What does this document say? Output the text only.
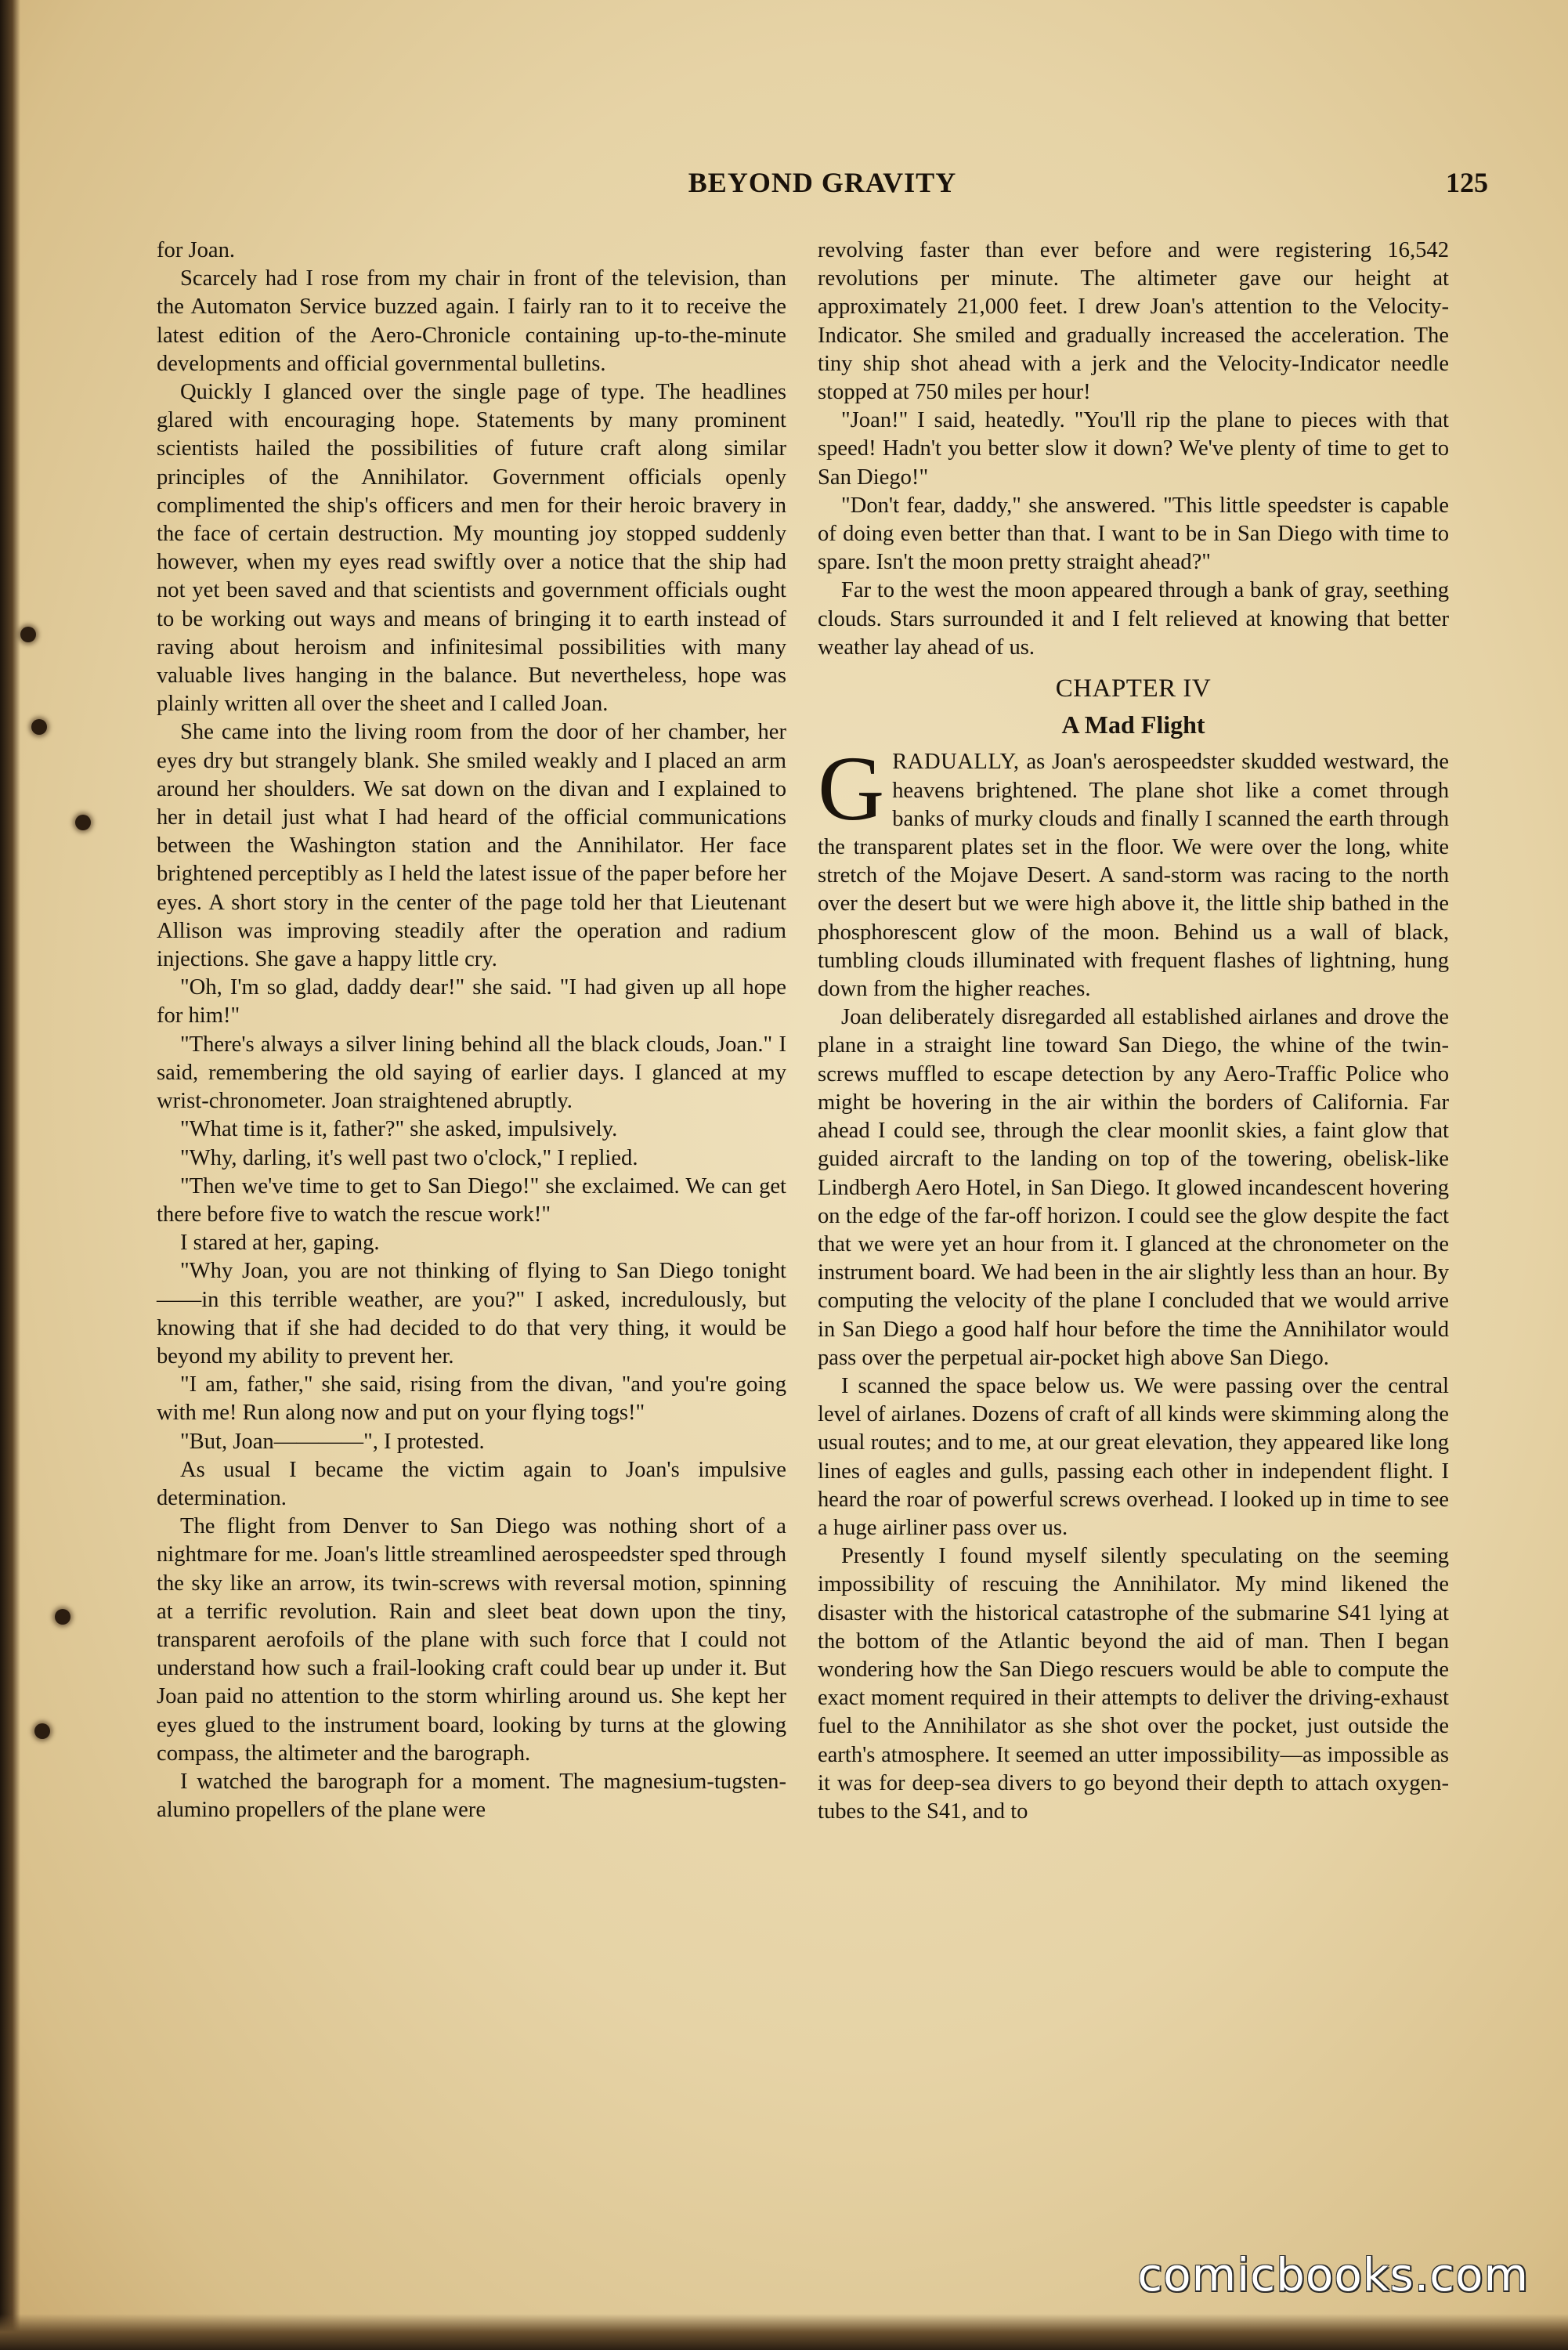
BEYOND GRAVITY	125

for Joan.

Scarcely had I rose from my chair in front of the television, than the Automaton Service buzzed again. I fairly ran to it to receive the latest edition of the Aero-Chronicle containing up-to-the-minute developments and official governmental bulletins.

Quickly I glanced over the single page of type. The headlines glared with encouraging hope. Statements by many prominent scientists hailed the possibilities of future craft along similar principles of the Annihilator. Government officials openly complimented the ship's officers and men for their heroic bravery in the face of certain destruction. My mounting joy stopped suddenly however, when my eyes read swiftly over a notice that the ship had not yet been saved and that scientists and government officials ought to be working out ways and means of bringing it to earth instead of raving about heroism and infinitesimal possibilities with many valuable lives hanging in the balance. But nevertheless, hope was plainly written all over the sheet and I called Joan.

She came into the living room from the door of her chamber, her eyes dry but strangely blank. She smiled weakly and I placed an arm around her shoulders. We sat down on the divan and I explained to her in detail just what I had heard of the official communications between the Washington station and the Annihilator. Her face brightened perceptibly as I held the latest issue of the paper before her eyes. A short story in the center of the page told her that Lieutenant Allison was improving steadily after the operation and radium injections. She gave a happy little cry.

"Oh, I'm so glad, daddy dear!" she said. "I had given up all hope for him!"

"There's always a silver lining behind all the black clouds, Joan." I said, remembering the old saying of earlier days. I glanced at my wrist-chronometer. Joan straightened abruptly.

"What time is it, father?" she asked, impulsively.

"Why, darling, it's well past two o'clock," I replied.

"Then we've time to get to San Diego!" she exclaimed. We can get there before five to watch the rescue work!"

I stared at her, gaping.

"Why Joan, you are not thinking of flying to San Diego tonight——in this terrible weather, are you?" I asked, incredulously, but knowing that if she had decided to do that very thing, it would be beyond my ability to prevent her.

"I am, father," she said, rising from the divan, "and you're going with me! Run along now and put on your flying togs!"

"But, Joan————", I protested.

As usual I became the victim again to Joan's impulsive determination.

The flight from Denver to San Diego was nothing short of a nightmare for me. Joan's little streamlined aerospeedster sped through the sky like an arrow, its twin-screws with reversal motion, spinning at a terrific revolution. Rain and sleet beat down upon the tiny, transparent aerofoils of the plane with such force that I could not understand how such a frail-looking craft could bear up under it. But Joan paid no attention to the storm whirling around us. She kept her eyes glued to the instrument board, looking by turns at the glowing compass, the altimeter and the barograph.

I watched the barograph for a moment. The magnesium-tugsten-alumino propellers of the plane were

revolving faster than ever before and were registering 16,542 revolutions per minute. The altimeter gave our height at approximately 21,000 feet. I drew Joan's attention to the Velocity-Indicator. She smiled and gradually increased the acceleration. The tiny ship shot ahead with a jerk and the Velocity-Indicator needle stopped at 750 miles per hour!

"Joan!" I said, heatedly. "You'll rip the plane to pieces with that speed! Hadn't you better slow it down? We've plenty of time to get to San Diego!"

"Don't fear, daddy," she answered. "This little speedster is capable of doing even better than that. I want to be in San Diego with time to spare. Isn't the moon pretty straight ahead?"

Far to the west the moon appeared through a bank of gray, seething clouds. Stars surrounded it and I felt relieved at knowing that better weather lay ahead of us.

CHAPTER IV
A Mad Flight

GRADUALLY, as Joan's aerospeedster skudded westward, the heavens brightened. The plane shot like a comet through banks of murky clouds and finally I scanned the earth through the transparent plates set in the floor. We were over the long, white stretch of the Mojave Desert. A sand-storm was racing to the north over the desert but we were high above it, the little ship bathed in the phosphorescent glow of the moon. Behind us a wall of black, tumbling clouds illuminated with frequent flashes of lightning, hung down from the higher reaches.

Joan deliberately disregarded all established airlanes and drove the plane in a straight line toward San Diego, the whine of the twin-screws muffled to escape detection by any Aero-Traffic Police who might be hovering in the air within the borders of California. Far ahead I could see, through the clear moonlit skies, a faint glow that guided aircraft to the landing on top of the towering, obelisk-like Lindbergh Aero Hotel, in San Diego. It glowed incandescent hovering on the edge of the far-off horizon. I could see the glow despite the fact that we were yet an hour from it. I glanced at the chronometer on the instrument board. We had been in the air slightly less than an hour. By computing the velocity of the plane I concluded that we would arrive in San Diego a good half hour before the time the Annihilator would pass over the perpetual air-pocket high above San Diego.

I scanned the space below us. We were passing over the central level of airlanes. Dozens of craft of all kinds were skimming along the usual routes; and to me, at our great elevation, they appeared like long lines of eagles and gulls, passing each other in independent flight. I heard the roar of powerful screws overhead. I looked up in time to see a huge airliner pass over us.

Presently I found myself silently speculating on the seeming impossibility of rescuing the Annihilator. My mind likened the disaster with the historical catastrophe of the submarine S41 lying at the bottom of the Atlantic beyond the aid of man. Then I began wondering how the San Diego rescuers would be able to compute the exact moment required in their attempts to deliver the driving-exhaust fuel to the Annihilator as she shot over the pocket, just outside the earth's atmosphere. It seemed an utter impossibility—as impossible as it was for deep-sea divers to go beyond their depth to attach oxygen-tubes to the S41, and to

comicbooks.com
